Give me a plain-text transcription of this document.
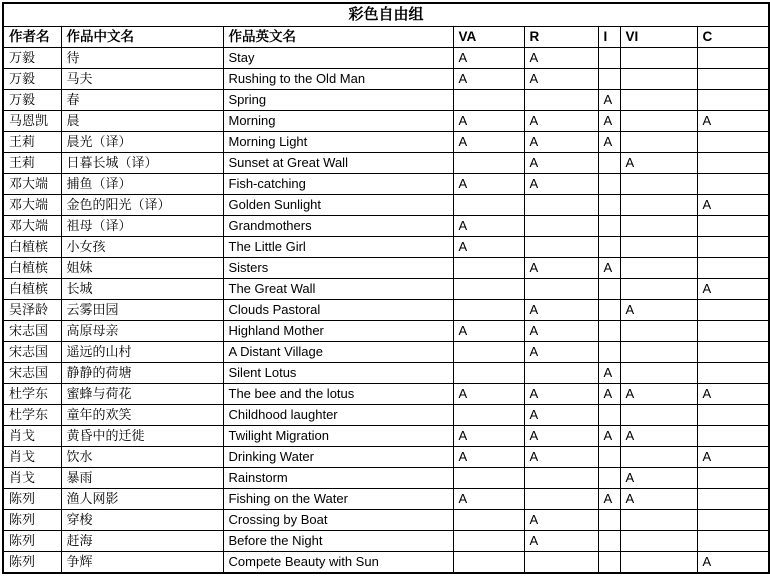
彩色自由组							
作者名	作品中文名	作品英文名	VA	R	I	VI	C
万毅	待	Stay	A	A			
万毅	马夫	Rushing to the Old Man	A	A			
万毅	春	Spring			A		
马恩凯	晨	Morning	A	A	A		A
王莉	晨光（译）	Morning Light	A	A	A		
王莉	日暮长城（译）	Sunset at Great Wall		A		A	
邓大端	捕鱼（译）	Fish-catching	A	A			
邓大端	金色的阳光（译）	Golden Sunlight					A
邓大端	祖母（译）	Grandmothers	A				
白植槟	小女孩	The Little Girl	A				
白植槟	姐妹	Sisters		A	A		
白植槟	长城	The Great Wall					A
吴泽龄	云雾田园	Clouds Pastoral		A		A	
宋志国	高原母亲	Highland Mother	A	A			
宋志国	遥远的山村	A Distant Village		A			
宋志国	静静的荷塘	Silent Lotus			A		
杜学东	蜜蜂与荷花	The bee and the lotus	A	A	A	A	A
杜学东	童年的欢笑	Childhood laughter		A			
肖戈	黄昏中的迁徙	Twilight Migration	A	A	A	A	
肖戈	饮水	Drinking Water	A	A			A
肖戈	暴雨	Rainstorm				A	
陈列	渔人网影	Fishing on the Water	A		A	A	
陈列	穿梭	Crossing by Boat		A			
陈列	赶海	Before the Night		A			
陈列	争辉	Compete Beauty with Sun					A
